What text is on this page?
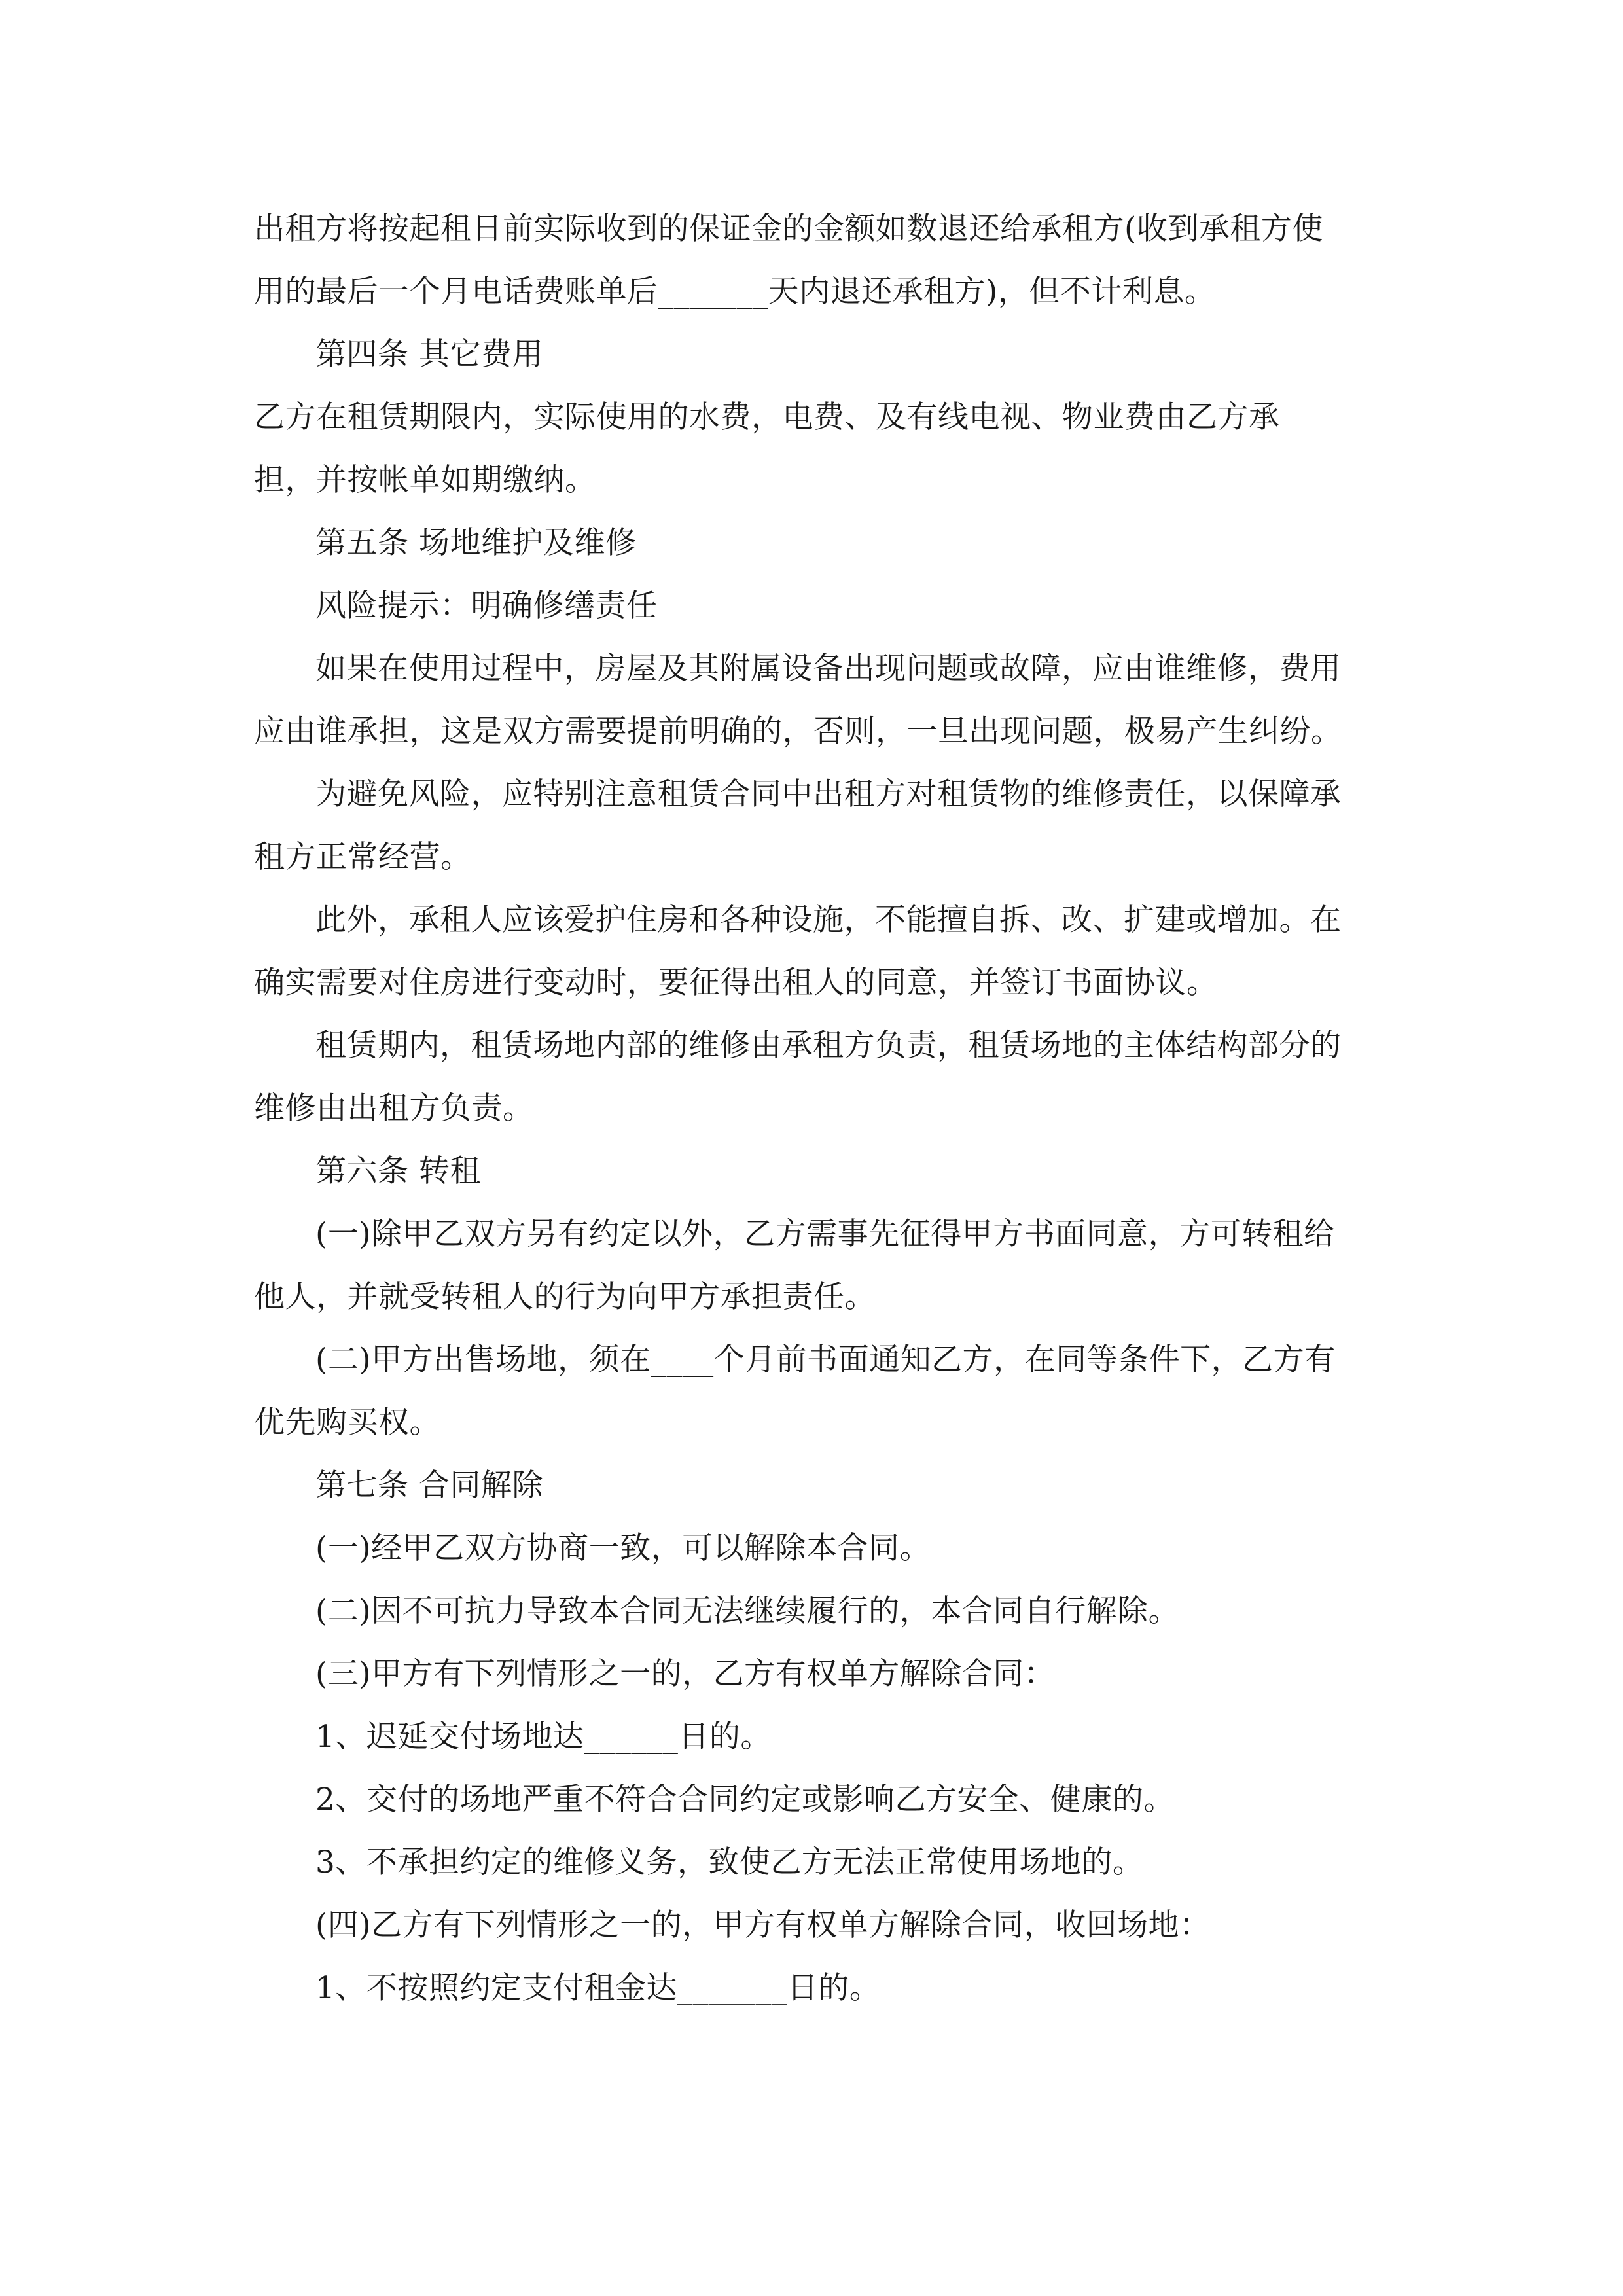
出租方将按起租日前实际收到的保证金的金额如数退还给承租方(收到承租方使
用的最后一个月电话费账单后_______天内退还承租方)，但不计利息。
第四条 其它费用
乙方在租赁期限内，实际使用的水费，电费、及有线电视、物业费由乙方承
担，并按帐单如期缴纳。
第五条 场地维护及维修
风险提示：明确修缮责任
如果在使用过程中，房屋及其附属设备出现问题或故障，应由谁维修，费用
应由谁承担，这是双方需要提前明确的，否则，一旦出现问题，极易产生纠纷。
为避免风险，应特别注意租赁合同中出租方对租赁物的维修责任，以保障承
租方正常经营。
此外，承租人应该爱护住房和各种设施，不能擅自拆、改、扩建或增加。在
确实需要对住房进行变动时，要征得出租人的同意，并签订书面协议。
租赁期内，租赁场地内部的维修由承租方负责，租赁场地的主体结构部分的
维修由出租方负责。
第六条 转租
(一)除甲乙双方另有约定以外，乙方需事先征得甲方书面同意，方可转租给
他人，并就受转租人的行为向甲方承担责任。
(二)甲方出售场地，须在____个月前书面通知乙方，在同等条件下，乙方有
优先购买权。
第七条 合同解除
(一)经甲乙双方协商一致，可以解除本合同。
(二)因不可抗力导致本合同无法继续履行的，本合同自行解除。
(三)甲方有下列情形之一的，乙方有权单方解除合同：
1、迟延交付场地达______日的。
2、交付的场地严重不符合合同约定或影响乙方安全、健康的。
3、不承担约定的维修义务，致使乙方无法正常使用场地的。
(四)乙方有下列情形之一的，甲方有权单方解除合同，收回场地：
1、不按照约定支付租金达_______日的。
